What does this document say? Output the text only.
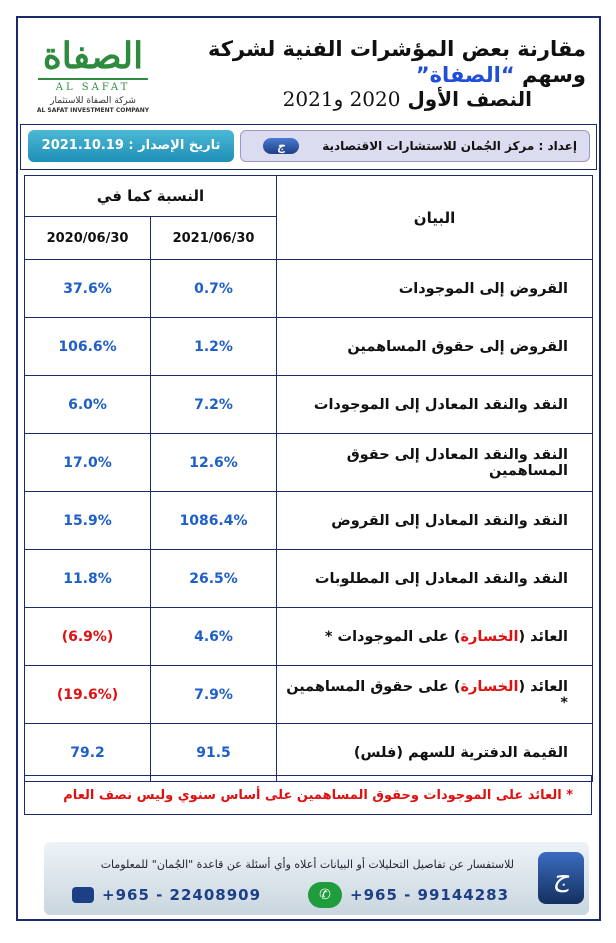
الصفاة
AL SAFAT
شركة الصفاة للاستثمار
AL SAFAT INVESTMENT COMPANY
مقارنة بعض المؤشرات الفنية لشركة وسهم “الصفاة”
النصف الأول 2020 و2021
إعداد : مركز الجُمان للاستشارات الاقتصادية
ج
تاريخ الإصدار : 2021.10.19
النسبة كما في		البيان
2020/06/30	2021/06/30	
37.6%	0.7%	القروض إلى الموجودات
106.6%	1.2%	القروض إلى حقوق المساهمين
6.0%	7.2%	النقد والنقد المعادل إلى الموجودات
17.0%	12.6%	النقد والنقد المعادل إلى حقوق المساهمين
15.9%	1086.4%	النقد والنقد المعادل إلى القروض
11.8%	26.5%	النقد والنقد المعادل إلى المطلوبات
(6.9%)	4.6%	العائد (الخسارة) على الموجودات *
(19.6%)	7.9%	العائد (الخسارة) على حقوق المساهمين *
79.2	91.5	القيمة الدفترية للسهم (فلس)
* العائد على الموجودات وحقوق المساهمين على أساس سنوي وليس نصف العام
للاستفسار عن تفاصيل التحليلات أو البيانات أعلاه وأي أسئلة عن قاعدة "الجُمان" للمعلومات
+965 - 22408909	✆	+965 - 99144283
ج
